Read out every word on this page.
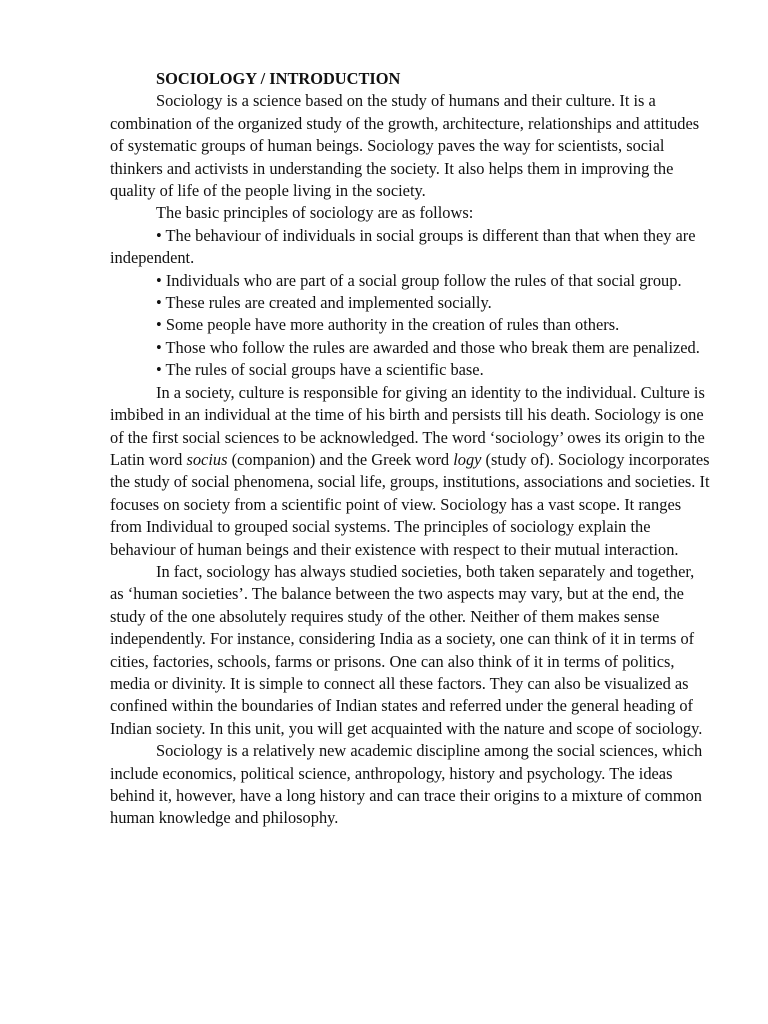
SOCIOLOGY / INTRODUCTION

Sociology is a science based on the study of humans and their culture. It is a combination of the organized study of the growth, architecture, relationships and attitudes of systematic groups of human beings. Sociology paves the way for scientists, social thinkers and activists in understanding the society. It also helps them in improving the quality of life of the people living in the society.

The basic principles of sociology are as follows:

• The behaviour of individuals in social groups is different than that when they are independent.

• Individuals who are part of a social group follow the rules of that social group.

• These rules are created and implemented socially.

• Some people have more authority in the creation of rules than others.

• Those who follow the rules are awarded and those who break them are penalized.

• The rules of social groups have a scientific base.

In a society, culture is responsible for giving an identity to the individual. Culture is imbibed in an individual at the time of his birth and persists till his death. Sociology is one of the first social sciences to be acknowledged. The word ‘sociology’ owes its origin to the Latin word socius (companion) and the Greek word logy (study of). Sociology incorporates the study of social phenomena, social life, groups, institutions, associations and societies. It focuses on society from a scientific point of view. Sociology has a vast scope. It ranges from Individual to grouped social systems. The principles of sociology explain the behaviour of human beings and their existence with respect to their mutual interaction.

In fact, sociology has always studied societies, both taken separately and together, as ‘human societies’. The balance between the two aspects may vary, but at the end, the study of the one absolutely requires study of the other. Neither of them makes sense independently. For instance, considering India as a society, one can think of it in terms of cities, factories, schools, farms or prisons. One can also think of it in terms of politics, media or divinity. It is simple to connect all these factors. They can also be visualized as confined within the boundaries of Indian states and referred under the general heading of Indian society. In this unit, you will get acquainted with the nature and scope of sociology.

Sociology is a relatively new academic discipline among the social sciences, which include economics, political science, anthropology, history and psychology. The ideas behind it, however, have a long history and can trace their origins to a mixture of common human knowledge and philosophy.
